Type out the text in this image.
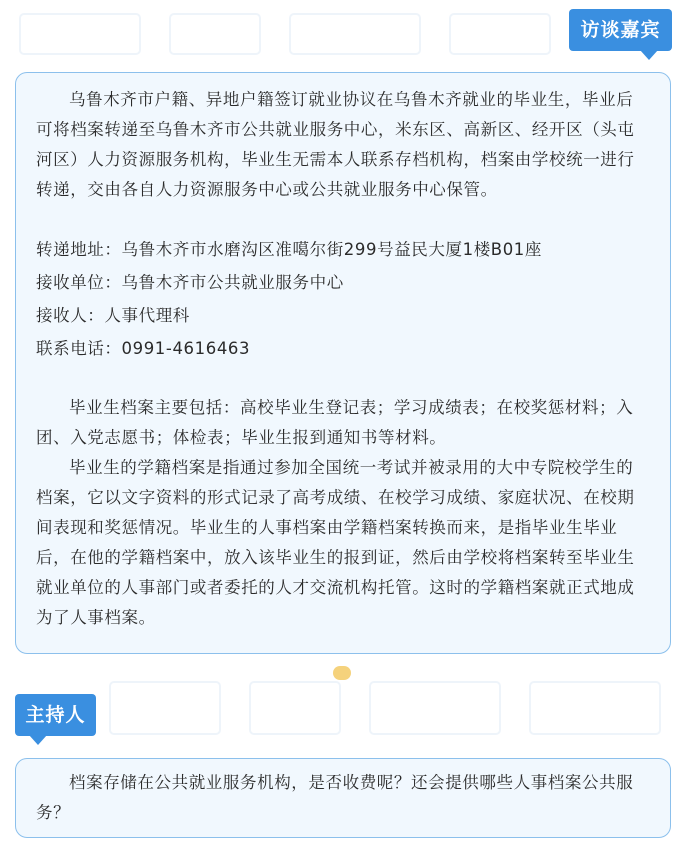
访谈嘉宾

乌鲁木齐市户籍、异地户籍签订就业协议在乌鲁木齐就业的毕业生，毕业后可将档案转递至乌鲁木齐市公共就业服务中心，米东区、高新区、经开区（头屯河区）人力资源服务机构，毕业生无需本人联系存档机构，档案由学校统一进行转递，交由各自人力资源服务中心或公共就业服务中心保管。

转递地址：乌鲁木齐市水磨沟区准噶尔街299号益民大厦1楼B01座

接收单位：乌鲁木齐市公共就业服务中心

接收人：人事代理科

联系电话：0991-4616463

毕业生档案主要包括：高校毕业生登记表；学习成绩表；在校奖惩材料；入团、入党志愿书；体检表；毕业生报到通知书等材料。

毕业生的学籍档案是指通过参加全国统一考试并被录用的大中专院校学生的档案，它以文字资料的形式记录了高考成绩、在校学习成绩、家庭状况、在校期间表现和奖惩情况。毕业生的人事档案由学籍档案转换而来，是指毕业生毕业后，在他的学籍档案中，放入该毕业生的报到证，然后由学校将档案转至毕业生就业单位的人事部门或者委托的人才交流机构托管。这时的学籍档案就正式地成为了人事档案。

主持人

档案存储在公共就业服务机构，是否收费呢？还会提供哪些人事档案公共服务？
